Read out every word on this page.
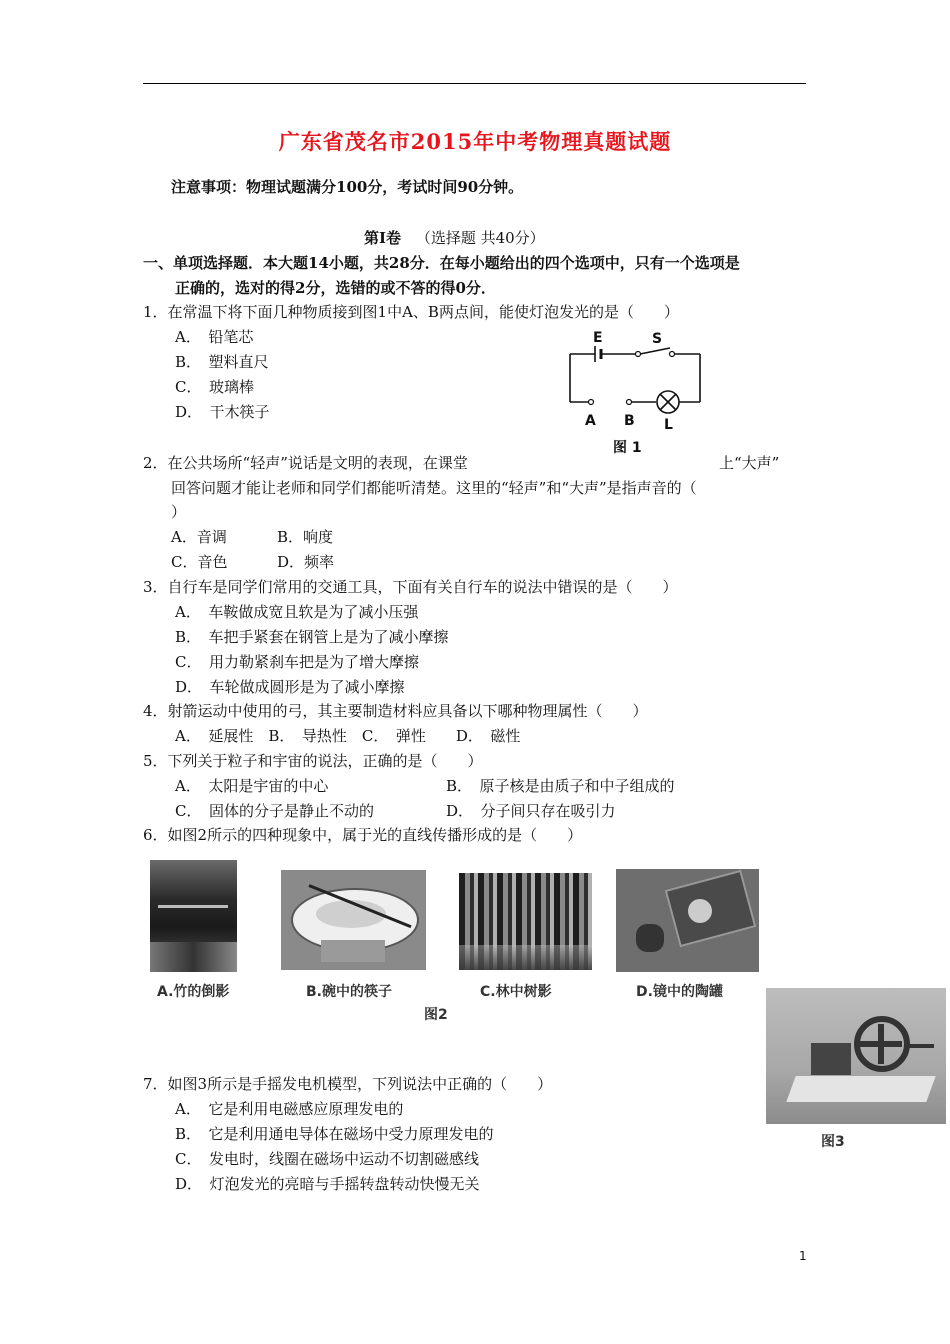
广东省茂名市2015年中考物理真题试题
注意事项：物理试题满分100分，考试时间90分钟。
第Ⅰ卷 （选择题 共40分）
一、单项选择题．本大题14小题，共28分．在每小题给出的四个选项中，只有一个选项是
正确的，选对的得2分，选错的或不答的得0分．
1．在常温下将下面几种物质接到图1中A、B两点间，能使灯泡发光的是（　　）
A．　铅笔芯
B．　塑料直尺
C．　玻璃棒
D．　干木筷子
E	S
A B L
图 1
2．在公共场所“轻声”说话是文明的表现，在课堂	上“大声”
回答问题才能让老师和同学们都能听清楚。这里的“轻声”和“大声”是指声音的（
）
A．音调	B．响度
C．音色	D．频率
3．自行车是同学们常用的交通工具，下面有关自行车的说法中错误的是（　　）
A．　车鞍做成宽且软是为了减小压强
B．　车把手紧套在钢管上是为了减小摩擦
C．　用力勒紧刹车把是为了增大摩擦
D．　车轮做成圆形是为了减小摩擦
4．射箭运动中使用的弓，其主要制造材料应具备以下哪种物理属性（　　）
A．　延展性　B．　导热性　C．　弹性　　D．　磁性
5．下列关于粒子和宇宙的说法，正确的是（　　）
A．　太阳是宇宙的中心	B．　原子核是由质子和中子组成的
C．　固体的分子是静止不动的	D．　分子间只存在吸引力
6．如图2所示的四种现象中，属于光的直线传播形成的是（　　）
A.竹的倒影	B.碗中的筷子	C.林中树影	D.镜中的陶罐
图2
图3
7．如图3所示是手摇发电机模型，下列说法中正确的（　　）
A．　它是利用电磁感应原理发电的
B．　它是利用通电导体在磁场中受力原理发电的
C．　发电时，线圈在磁场中运动不切割磁感线
D．　灯泡发光的亮暗与手摇转盘转动快慢无关
1
